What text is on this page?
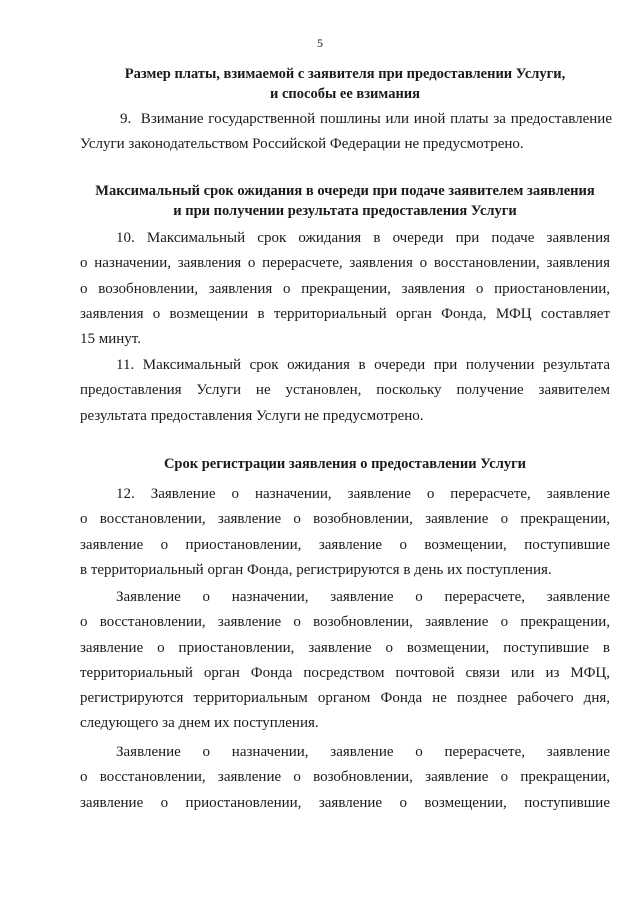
5
Размер платы, взимаемой с заявителя при предоставлении Услуги,
и способы ее взимания
9.  Взимание государственной пошлины или иной платы за предоставление
Услуги законодательством Российской Федерации не предусмотрено.
Максимальный срок ожидания в очереди при подаче заявителем заявления
и при получении результата предоставления Услуги
10. Максимальный срок ожидания в очереди при подаче заявления
о назначении, заявления о перерасчете, заявления о восстановлении, заявления
о возобновлении, заявления о прекращении, заявления о приостановлении,
заявления о возмещении в территориальный орган Фонда, МФЦ составляет
15 минут.
11. Максимальный срок ожидания в очереди при получении результата
предоставления Услуги не установлен, поскольку получение заявителем
результата предоставления Услуги не предусмотрено.
Срок регистрации заявления о предоставлении Услуги
12. Заявление о назначении, заявление о перерасчете, заявление
о восстановлении, заявление о возобновлении, заявление о прекращении,
заявление о приостановлении, заявление о возмещении, поступившие
в территориальный орган Фонда, регистрируются в день их поступления.
Заявление о назначении, заявление о перерасчете, заявление
о восстановлении, заявление о возобновлении, заявление о прекращении,
заявление о приостановлении, заявление о возмещении, поступившие в
территориальный орган Фонда посредством почтовой связи или из МФЦ,
регистрируются территориальным органом Фонда не позднее рабочего дня,
следующего за днем их поступления.
Заявление о назначении, заявление о перерасчете, заявление
о восстановлении, заявление о возобновлении, заявление о прекращении,
заявление о приостановлении, заявление о возмещении, поступившие
